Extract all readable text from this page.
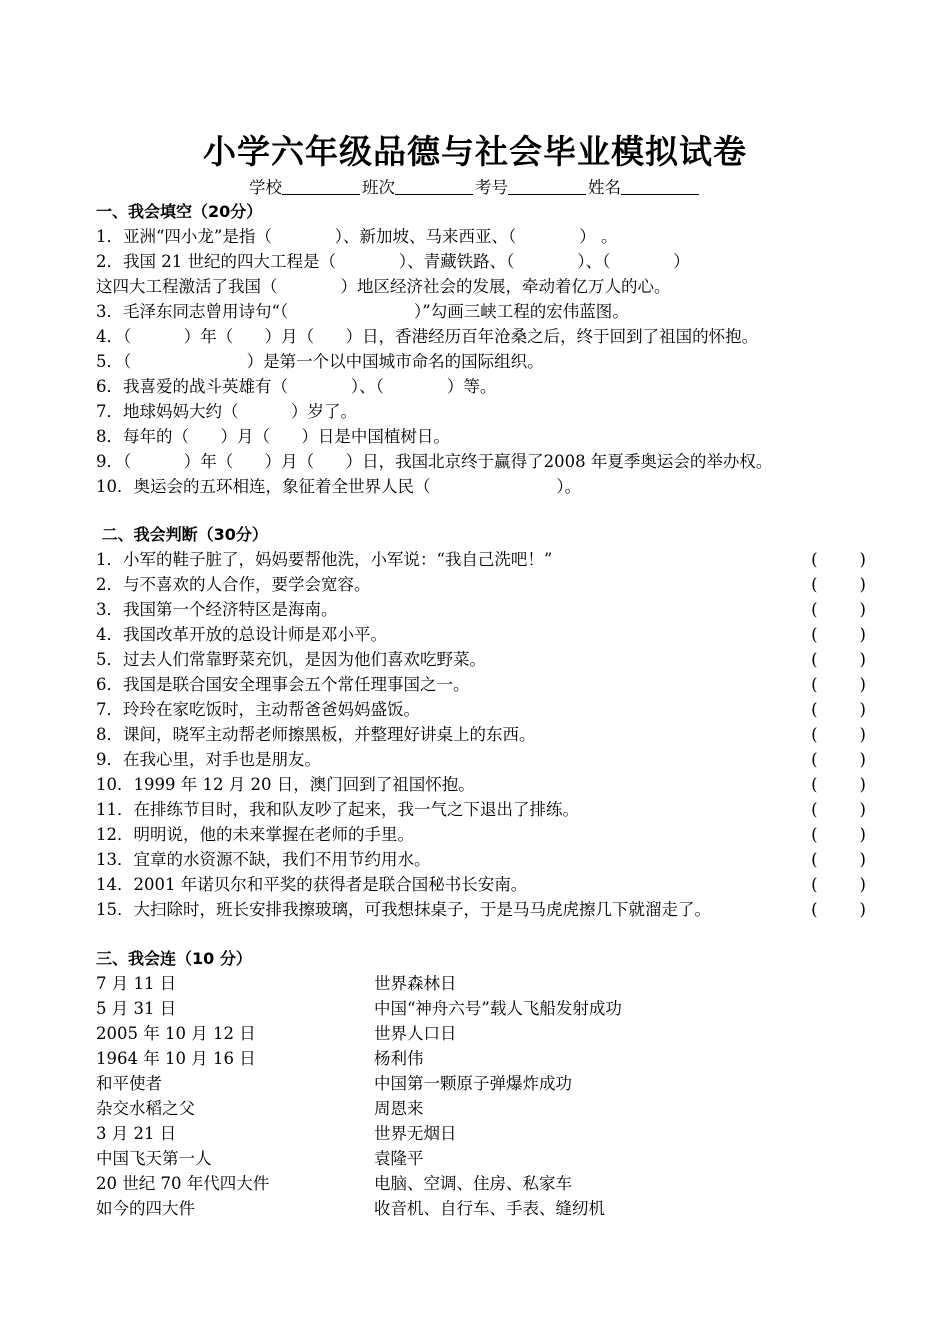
小学六年级品德与社会毕业模拟试卷
学校	班次	考号	姓名
一、我会填空（20分）
1．亚洲“四小龙”是指（            ）、新加坡、马来西亚、（            ） 。
2．我国 21 世纪的四大工程是（            ）、青藏铁路、（            ）、（            ）
这四大工程激活了我国（            ）地区经济社会的发展，牵动着亿万人的心。
3．毛泽东同志曾用诗句“（                        ）”勾画三峡工程的宏伟蓝图。
4．（          ）年（      ）月（      ）日，香港经历百年沧桑之后，终于回到了祖国的怀抱。
5．（                      ）是第一个以中国城市命名的国际组织。
6．我喜爱的战斗英雄有（            ）、（            ）等。
7．地球妈妈大约（          ）岁了。
8．每年的（      ）月（      ）日是中国植树日。
9．（          ）年（      ）月（      ）日，我国北京终于赢得了2008 年夏季奥运会的举办权。
10．奥运会的五环相连，象征着全世界人民（                        ）。
二、我会判断（30分）
1．小军的鞋子脏了，妈妈要帮他洗，小军说：“我自己洗吧！”	(        )
2．与不喜欢的人合作，要学会宽容。	(        )
3．我国第一个经济特区是海南。	(        )
4．我国改革开放的总设计师是邓小平。	(        )
5．过去人们常靠野菜充饥，是因为他们喜欢吃野菜。	(        )
6．我国是联合国安全理事会五个常任理事国之一。	(        )
7．玲玲在家吃饭时，主动帮爸爸妈妈盛饭。	(        )
8．课间，晓军主动帮老师擦黑板，并整理好讲桌上的东西。	(        )
9．在我心里，对手也是朋友。	(        )
10．1999 年 12 月 20 日，澳门回到了祖国怀抱。	(        )
11．在排练节目时，我和队友吵了起来，我一气之下退出了排练。	(        )
12．明明说，他的未来掌握在老师的手里。	(        )
13．宜章的水资源不缺，我们不用节约用水。	(        )
14．2001 年诺贝尔和平奖的获得者是联合国秘书长安南。	(        )
15．大扫除时，班长安排我擦玻璃，可我想抹桌子，于是马马虎虎擦几下就溜走了。	(        )
三、我会连（10 分）
7 月 11 日	世界森林日
5 月 31 日	中国“神舟六号”载人飞船发射成功
2005 年 10 月 12 日	世界人口日
1964 年 10 月 16 日	杨利伟
和平使者	中国第一颗原子弹爆炸成功
杂交水稻之父	周恩来
3 月 21 日	世界无烟日
中国飞天第一人	袁隆平
20 世纪 70 年代四大件	电脑、空调、住房、私家车
如今的四大件	收音机、自行车、手表、缝纫机
